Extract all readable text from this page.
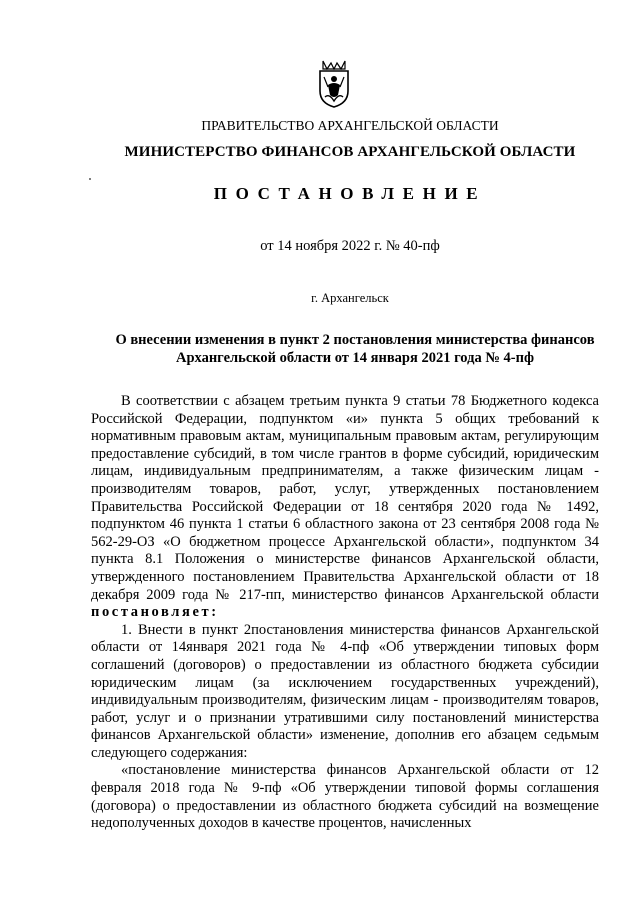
ПРАВИТЕЛЬСТВО АРХАНГЕЛЬСКОЙ ОБЛАСТИ
МИНИСТЕРСТВО ФИНАНСОВ АРХАНГЕЛЬСКОЙ ОБЛАСТИ
ПОСТАНОВЛЕНИЕ
от 14 ноября 2022 г. № 40-пф
г. Архангельск
О внесении изменения в пункт 2 постановления министерства финансов Архангельской области от 14 января 2021 года № 4-пф

В соответствии с абзацем третьим пункта 9 статьи 78 Бюджетного кодекса Российской Федерации, подпунктом «и» пункта 5 общих требований к нормативным правовым актам, муниципальным правовым актам, регулирующим предоставление субсидий, в том числе грантов в форме субсидий, юридическим лицам, индивидуальным предпринимателям, а также физическим лицам - производителям товаров, работ, услуг, утвержденных постановлением Правительства Российской Федерации от 18 сентября 2020 года № 1492, подпунктом 46 пункта 1 статьи 6 областного закона от 23 сентября 2008 года № 562-29-ОЗ «О бюджетном процессе Архангельской области», подпунктом 34 пункта 8.1 Положения о министерстве финансов Архангельской области, утвержденного постановлением Правительства Архангельской области от 18 декабря 2009 года № 217-пп, министерство финансов Архангельской области постановляет:

1. Внести в пункт 2постановления министерства финансов Архангельской области от 14января 2021 года № 4-пф «Об утверждении типовых форм соглашений (договоров) о предоставлении из областного бюджета субсидии юридическим лицам (за исключением государственных учреждений), индивидуальным производителям, физическим лицам - производителям товаров, работ, услуг и о признании утратившими силу постановлений министерства финансов Архангельской области» изменение, дополнив его абзацем седьмым следующего содержания:

«постановление министерства финансов Архангельской области от 12 февраля 2018 года № 9-пф «Об утверждении типовой формы соглашения (договора) о предоставлении из областного бюджета субсидий на возмещение недополученных доходов в качестве процентов, начисленных
